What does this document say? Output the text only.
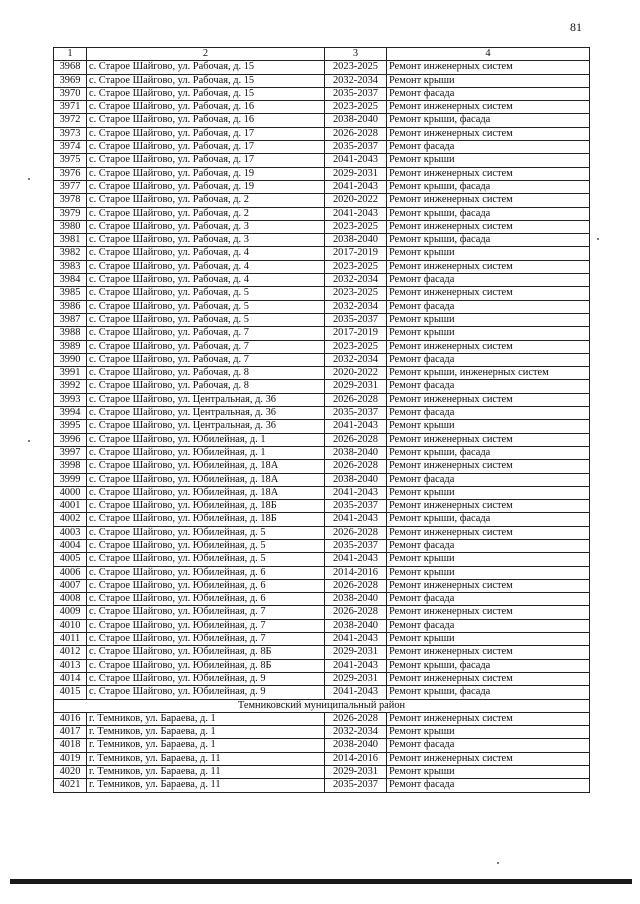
81
1	2	3	4
3968	с. Старое Шайгово, ул. Рабочая, д. 15	2023-2025	Ремонт инженерных систем
3969	с. Старое Шайгово, ул. Рабочая, д. 15	2032-2034	Ремонт крыши
3970	с. Старое Шайгово, ул. Рабочая, д. 15	2035-2037	Ремонт фасада
3971	с. Старое Шайгово, ул. Рабочая, д. 16	2023-2025	Ремонт инженерных систем
3972	с. Старое Шайгово, ул. Рабочая, д. 16	2038-2040	Ремонт крыши, фасада
3973	с. Старое Шайгово, ул. Рабочая, д. 17	2026-2028	Ремонт инженерных систем
3974	с. Старое Шайгово, ул. Рабочая, д. 17	2035-2037	Ремонт фасада
3975	с. Старое Шайгово, ул. Рабочая, д. 17	2041-2043	Ремонт крыши
3976	с. Старое Шайгово, ул. Рабочая, д. 19	2029-2031	Ремонт инженерных систем
3977	с. Старое Шайгово, ул. Рабочая, д. 19	2041-2043	Ремонт крыши, фасада
3978	с. Старое Шайгово, ул. Рабочая, д. 2	2020-2022	Ремонт инженерных систем
3979	с. Старое Шайгово, ул. Рабочая, д. 2	2041-2043	Ремонт крыши, фасада
3980	с. Старое Шайгово, ул. Рабочая, д. 3	2023-2025	Ремонт инженерных систем
3981	с. Старое Шайгово, ул. Рабочая, д. 3	2038-2040	Ремонт крыши, фасада
3982	с. Старое Шайгово, ул. Рабочая, д. 4	2017-2019	Ремонт крыши
3983	с. Старое Шайгово, ул. Рабочая, д. 4	2023-2025	Ремонт инженерных систем
3984	с. Старое Шайгово, ул. Рабочая, д. 4	2032-2034	Ремонт фасада
3985	с. Старое Шайгово, ул. Рабочая, д. 5	2023-2025	Ремонт инженерных систем
3986	с. Старое Шайгово, ул. Рабочая, д. 5	2032-2034	Ремонт фасада
3987	с. Старое Шайгово, ул. Рабочая, д. 5	2035-2037	Ремонт крыши
3988	с. Старое Шайгово, ул. Рабочая, д. 7	2017-2019	Ремонт крыши
3989	с. Старое Шайгово, ул. Рабочая, д. 7	2023-2025	Ремонт инженерных систем
3990	с. Старое Шайгово, ул. Рабочая, д. 7	2032-2034	Ремонт фасада
3991	с. Старое Шайгово, ул. Рабочая, д. 8	2020-2022	Ремонт крыши, инженерных систем
3992	с. Старое Шайгово, ул. Рабочая, д. 8	2029-2031	Ремонт фасада
3993	с. Старое Шайгово, ул. Центральная, д. 36	2026-2028	Ремонт инженерных систем
3994	с. Старое Шайгово, ул. Центральная, д. 36	2035-2037	Ремонт фасада
3995	с. Старое Шайгово, ул. Центральная, д. 36	2041-2043	Ремонт крыши
3996	с. Старое Шайгово, ул. Юбилейная, д. 1	2026-2028	Ремонт инженерных систем
3997	с. Старое Шайгово, ул. Юбилейная, д. 1	2038-2040	Ремонт крыши, фасада
3998	с. Старое Шайгово, ул. Юбилейная, д. 18А	2026-2028	Ремонт инженерных систем
3999	с. Старое Шайгово, ул. Юбилейная, д. 18А	2038-2040	Ремонт фасада
4000	с. Старое Шайгово, ул. Юбилейная, д. 18А	2041-2043	Ремонт крыши
4001	с. Старое Шайгово, ул. Юбилейная, д. 18Б	2035-2037	Ремонт инженерных систем
4002	с. Старое Шайгово, ул. Юбилейная, д. 18Б	2041-2043	Ремонт крыши, фасада
4003	с. Старое Шайгово, ул. Юбилейная, д. 5	2026-2028	Ремонт инженерных систем
4004	с. Старое Шайгово, ул. Юбилейная, д. 5	2035-2037	Ремонт фасада
4005	с. Старое Шайгово, ул. Юбилейная, д. 5	2041-2043	Ремонт крыши
4006	с. Старое Шайгово, ул. Юбилейная, д. 6	2014-2016	Ремонт крыши
4007	с. Старое Шайгово, ул. Юбилейная, д. 6	2026-2028	Ремонт инженерных систем
4008	с. Старое Шайгово, ул. Юбилейная, д. 6	2038-2040	Ремонт фасада
4009	с. Старое Шайгово, ул. Юбилейная, д. 7	2026-2028	Ремонт инженерных систем
4010	с. Старое Шайгово, ул. Юбилейная, д. 7	2038-2040	Ремонт фасада
4011	с. Старое Шайгово, ул. Юбилейная, д. 7	2041-2043	Ремонт крыши
4012	с. Старое Шайгово, ул. Юбилейная, д. 8Б	2029-2031	Ремонт инженерных систем
4013	с. Старое Шайгово, ул. Юбилейная, д. 8Б	2041-2043	Ремонт крыши, фасада
4014	с. Старое Шайгово, ул. Юбилейная, д. 9	2029-2031	Ремонт инженерных систем
4015	с. Старое Шайгово, ул. Юбилейная, д. 9	2041-2043	Ремонт крыши, фасада
Темниковский муниципальный район			
4016	г. Темников, ул. Бараева, д. 1	2026-2028	Ремонт инженерных систем
4017	г. Темников, ул. Бараева, д. 1	2032-2034	Ремонт крыши
4018	г. Темников, ул. Бараева, д. 1	2038-2040	Ремонт фасада
4019	г. Темников, ул. Бараева, д. 11	2014-2016	Ремонт инженерных систем
4020	г. Темников, ул. Бараева, д. 11	2029-2031	Ремонт крыши
4021	г. Темников, ул. Бараева, д. 11	2035-2037	Ремонт фасада
